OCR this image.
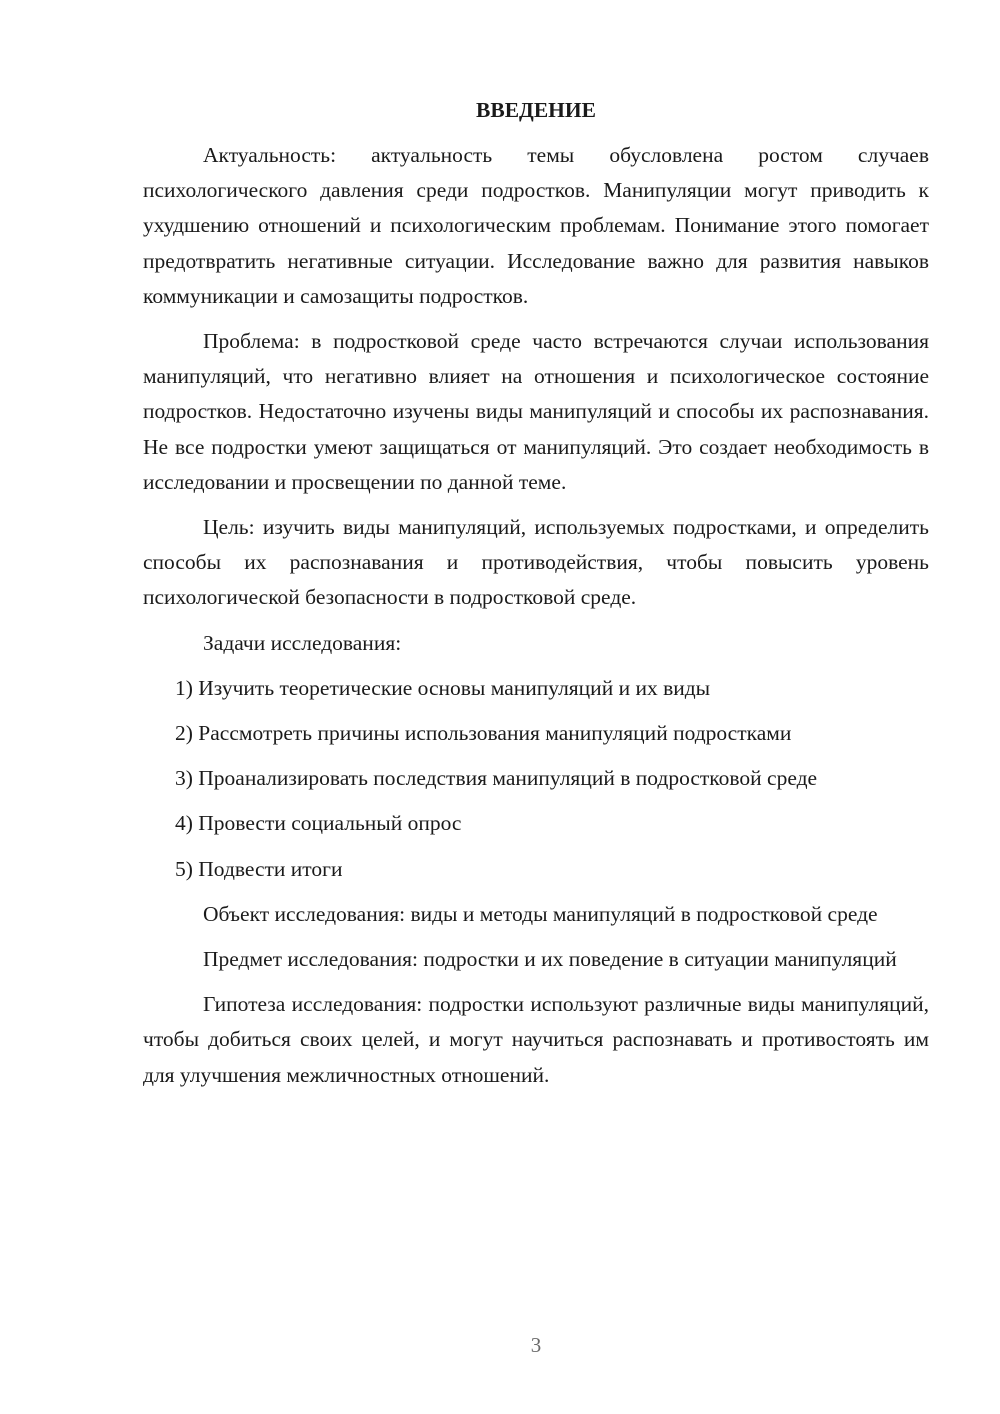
ВВЕДЕНИЕ

Актуальность: актуальность темы обусловлена ростом случаев психологического давления среди подростков. Манипуляции могут приводить к ухудшению отношений и психологическим проблемам. Понимание этого помогает предотвратить негативные ситуации. Исследование важно для развития навыков коммуникации и самозащиты подростков.

Проблема: в подростковой среде часто встречаются случаи использования манипуляций, что негативно влияет на отношения и психологическое состояние подростков. Недостаточно изучены виды манипуляций и способы их распознавания. Не все подростки умеют защищаться от манипуляций. Это создает необходимость в исследовании и просвещении по данной теме.

Цель: изучить виды манипуляций, используемых подростками, и определить способы их распознавания и противодействия, чтобы повысить уровень психологической безопасности в подростковой среде.

Задачи исследования:
1) Изучить теоретические основы манипуляций и их виды
2) Рассмотреть причины использования манипуляций подростками
3) Проанализировать последствия манипуляций в подростковой среде
4) Провести социальный опрос
5) Подвести итоги

Объект исследования: виды и методы манипуляций в подростковой среде

Предмет исследования: подростки и их поведение в ситуации манипуляций

Гипотеза исследования: подростки используют различные виды манипуляций, чтобы добиться своих целей, и могут научиться распознавать и противостоять им для улучшения межличностных отношений.

3
